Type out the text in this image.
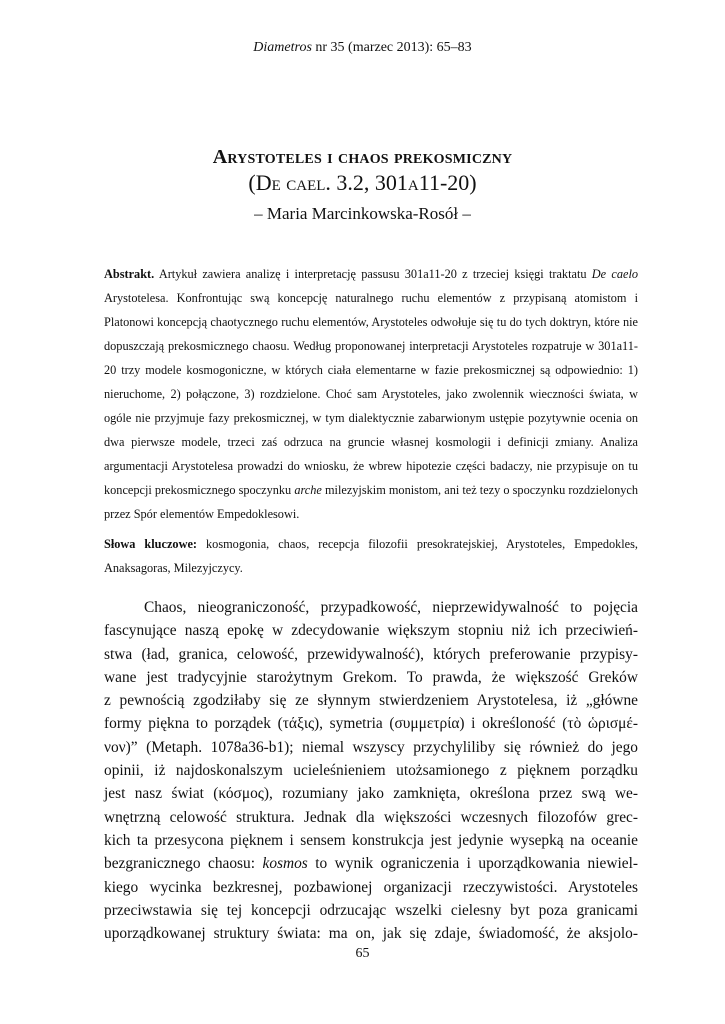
Diametros nr 35 (marzec 2013): 65–83
Arystoteles i chaos prekosmiczny
(De cael. 3.2, 301a11-20)
– Maria Marcinkowska-Rosół –

Abstrakt. Artykuł zawiera analizę i interpretację passusu 301a11-20 z trzeciej księgi traktatu De caelo Arystotelesa. Konfrontując swą koncepcję naturalnego ruchu elementów z przypisaną atomistom i Platonowi koncepcją chaotycznego ruchu elementów, Arystoteles odwołuje się tu do tych doktryn, które nie dopuszczają prekosmicznego chaosu. Według proponowanej interpretacji Arystoteles rozpatruje w 301a11-20 trzy modele kosmogoniczne, w których ciała elementarne w fazie prekosmicznej są odpowiednio: 1) nieruchome, 2) połączone, 3) rozdzielone. Choć sam Arystoteles, jako zwolennik wieczności świata, w ogóle nie przyjmuje fazy prekosmicznej, w tym dialektycznie zabarwionym ustępie pozytywnie ocenia on dwa pierwsze modele, trzeci zaś odrzuca na gruncie własnej kosmologii i definicji zmiany. Analiza argumentacji Arystotelesa prowadzi do wniosku, że wbrew hipotezie części badaczy, nie przypisuje on tu koncepcji prekosmicznego spoczynku arche milezyjskim monistom, ani też tezy o spoczynku rozdzielonych przez Spór elementów Empedoklesowi.

Słowa kluczowe: kosmogonia, chaos, recepcja filozofii presokratejskiej, Arystoteles, Empedokles, Anaksagoras, Milezyjczycy.

Chaos, nieograniczoność, przypadkowość, nieprzewidywalność to pojęcia
fascynujące naszą epokę w zdecydowanie większym stopniu niż ich przeciwień-
stwa (ład, granica, celowość, przewidywalność), których preferowanie przypisy-
wane jest tradycyjnie starożytnym Grekom. To prawda, że większość Greków
z pewnością zgodziłaby się ze słynnym stwierdzeniem Arystotelesa, iż „główne
formy piękna to porządek (τάξις), symetria (συμμετρία) i określoność (τὸ ὡρισμέ-
νον)” (Metaph. 1078a36-b1); niemal wszyscy przychyliliby się również do jego
opinii, iż najdoskonalszym ucieleśnieniem utożsamionego z pięknem porządku
jest nasz świat (κόσμος), rozumiany jako zamknięta, określona przez swą we-
wnętrzną celowość struktura. Jednak dla większości wczesnych filozofów grec-
kich ta przesycona pięknem i sensem konstrukcja jest jedynie wysepką na oceanie
bezgranicznego chaosu: kosmos to wynik ograniczenia i uporządkowania niewiel-
kiego wycinka bezkresnej, pozbawionej organizacji rzeczywistości. Arystoteles
przeciwstawia się tej koncepcji odrzucając wszelki cielesny byt poza granicami
uporządkowanej struktury świata: ma on, jak się zdaje, świadomość, że aksjolo-
65
